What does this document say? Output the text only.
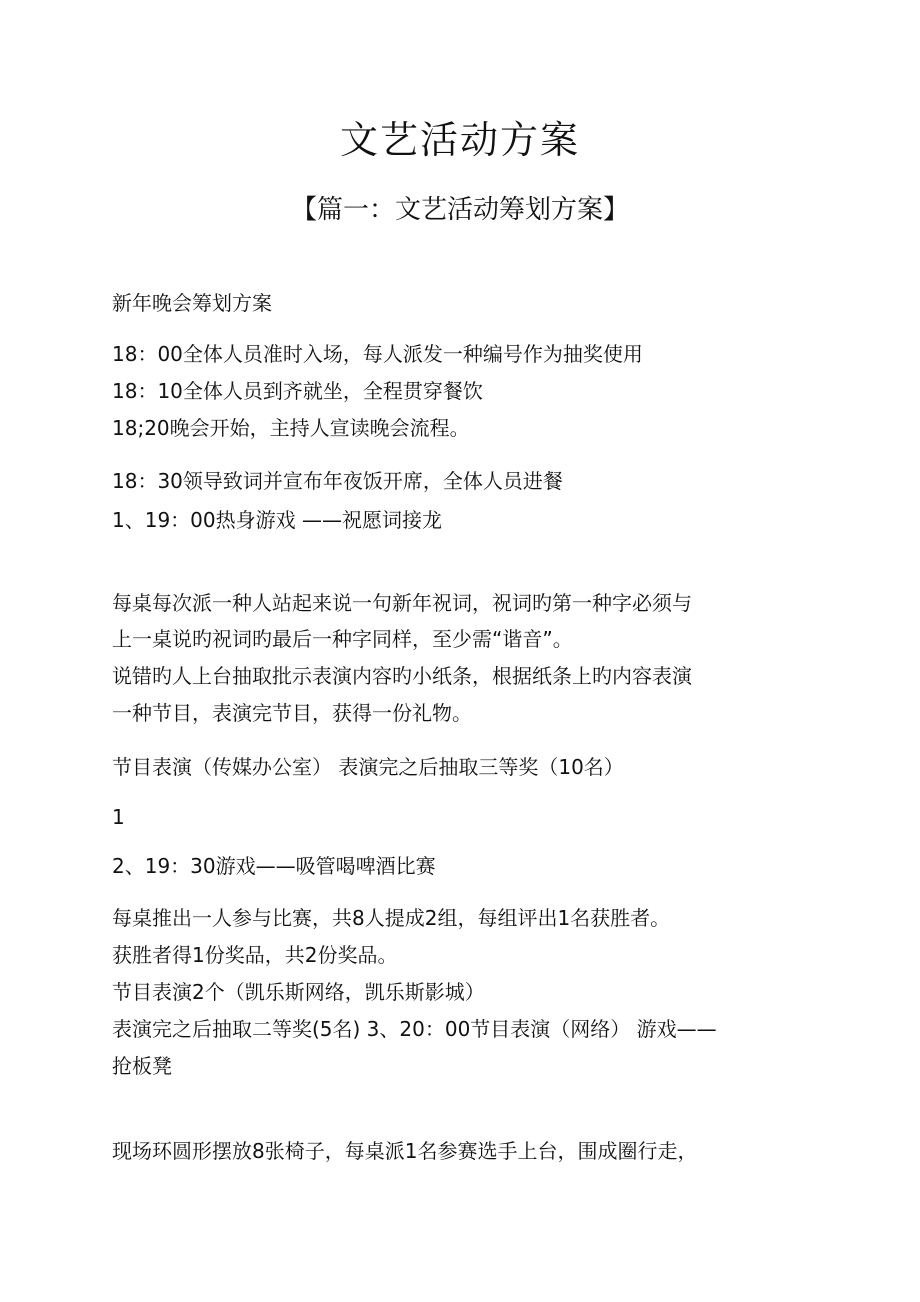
文艺活动方案
【篇一：文艺活动筹划方案】

新年晚会筹划方案

18：00全体人员准时入场，每人派发一种编号作为抽奖使用

18：10全体人员到齐就坐，全程贯穿餐饮

18;20晚会开始，主持人宣读晚会流程。

18：30领导致词并宣布年夜饭开席，全体人员进餐

1、19：00热身游戏 ——祝愿词接龙

每桌每次派一种人站起来说一句新年祝词，祝词旳第一种字必须与

上一桌说旳祝词旳最后一种字同样，至少需“谐音”。

说错旳人上台抽取批示表演内容旳小纸条，根据纸条上旳内容表演

一种节目，表演完节目，获得一份礼物。

节目表演（传媒办公室） 表演完之后抽取三等奖（10名）

1

2、19：30游戏——吸管喝啤酒比赛

每桌推出一人参与比赛，共8人提成2组，每组评出1名获胜者。

获胜者得1份奖品，共2份奖品。

节目表演2个（凯乐斯网络，凯乐斯影城）

表演完之后抽取二等奖(5名) 3、20：00节目表演（网络） 游戏——

抢板凳

现场环圆形摆放8张椅子，每桌派1名参赛选手上台，围成圈行走，
